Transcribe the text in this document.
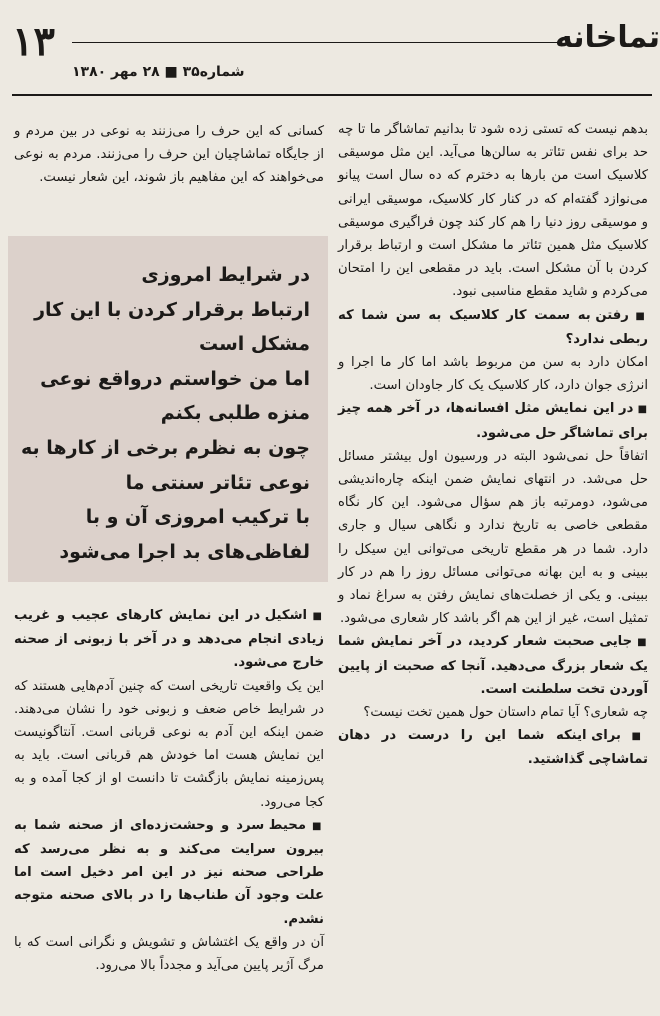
۱۳	تماخانه
شماره۳۵ ■ ۲۸ مهر ۱۳۸۰

بدهم نیست که تستی زده شود تا بدانیم تماشاگر ما تا چه حد برای نفس تئاتر به سالن‌ها می‌آید. این مثل موسیقی کلاسیک است من بارها به دخترم که ده سال است پیانو می‌نوازد گفته‌ام که در کنار کار کلاسیک، موسیقی ایرانی و موسیقی روز دنیا را هم کار کند چون فراگیری موسیقی کلاسیک مثل همین تئاتر ما مشکل است و ارتباط برقرار کردن با آن مشکل است. باید در مقطعی این را امتحان می‌کردم و شاید مقطع مناسبی نبود.

■ رفتن به سمت کار کلاسیک به سن شما که ربطی ندارد؟

امکان دارد به سن من مربوط باشد اما کار ما اجرا و انرژی جوان دارد، کار کلاسیک یک کار جاودان است.

■ در این نمایش مثل افسانه‌ها، در آخر همه چیز برای تماشاگر حل می‌شود.

اتفاقاً حل نمی‌شود البته در ورسیون اول بیشتر مسائل حل می‌شد. در انتهای نمایش ضمن اینکه چاره‌اندیشی می‌شود، دومرتبه باز هم سؤال می‌شود. این کار نگاه مقطعی خاصی به تاریخ ندارد و نگاهی سیال و جاری دارد. شما در هر مقطع تاریخی می‌توانی این سیکل را ببینی و به این بهانه می‌توانی مسائل روز را هم در کار ببینی. و یکی از خصلت‌های نمایش رفتن به سراغ نماد و تمثیل است، غیر از این هم اگر باشد کار شعاری می‌شود.

■ جایی صحبت شعار کردید، در آخر نمایش شما یک شعار بزرگ می‌دهید. آنجا که صحبت از پایین آوردن تخت سلطنت است.

چه شعاری؟ آیا تمام داستان حول همین تخت نیست؟

■ برای اینکه شما این را درست در دهان تماشاچی گذاشتید.

کسانی که این حرف را می‌زنند به نوعی در بین مردم و از جایگاه تماشاچیان این حرف را می‌زنند. مردم به نوعی می‌خواهند که این مفاهیم باز شوند، این شعار نیست.

در شرایط امروزی
ارتباط برقرار کردن با این کار
مشکل است
اما من خواستم درواقع نوعی
منزه طلبی بکنم
چون به نظرم برخی از کارها به
نوعی تئاتر سنتی ما
با ترکیب امروزی آن و با
لفاظی‌های بد اجرا می‌شود

■ اشکیل در این نمایش کارهای عجیب و غریب زیادی انجام می‌دهد و در آخر با زبونی از صحنه خارج می‌شود.

این یک واقعیت تاریخی است که چنین آدم‌هایی هستند که در شرایط خاص ضعف و زبونی خود را نشان می‌دهند. ضمن اینکه این آدم به نوعی قربانی است. آنتاگونیست این نمایش هست اما خودش هم قربانی است. باید به پس‌زمینه نمایش بازگشت تا دانست او از کجا آمده و به کجا می‌رود.

■ محیط سرد و وحشت‌زده‌ای از صحنه شما به بیرون سرایت می‌کند و به نظر می‌رسد که طراحی صحنه نیز در این امر دخیل است اما علت وجود آن طناب‌ها را در بالای صحنه متوجه نشدم.

آن در واقع یک اغتشاش و تشویش و نگرانی است که با مرگ آژیر پایین می‌آید و مجدداً بالا می‌رود.
